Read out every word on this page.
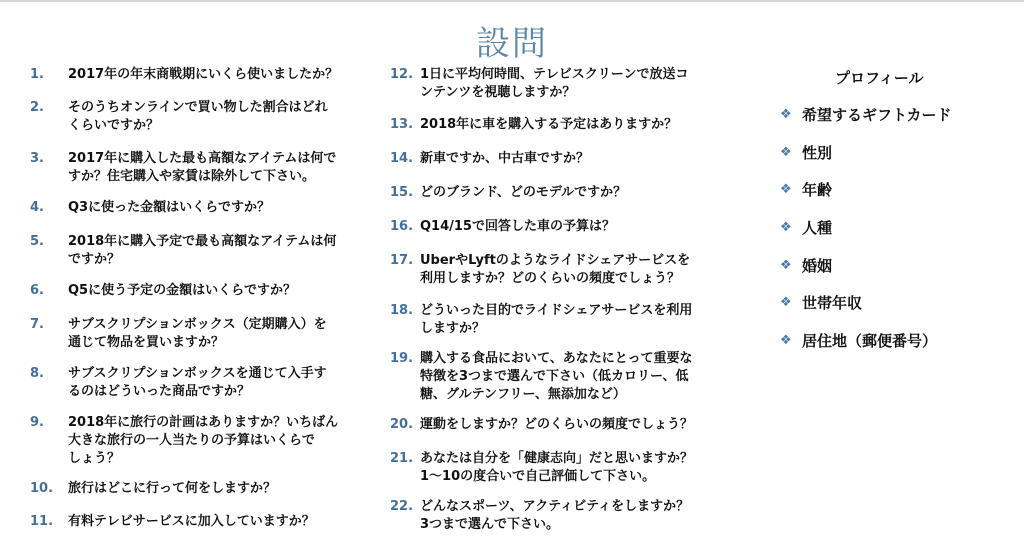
設問
1.	2017年の年末商戦期にいくら使いましたか？
2.	そのうちオンラインで買い物した割合はどれ
くらいですか？
3.	2017年に購入した最も高額なアイテムは何で
すか？住宅購入や家賃は除外して下さい。
4.	Q3に使った金額はいくらですか？
5.	2018年に購入予定で最も高額なアイテムは何
ですか？
6.	Q5に使う予定の金額はいくらですか？
7.	サブスクリプションボックス（定期購入）を
通じて物品を買いますか？
8.	サブスクリプションボックスを通じて入手す
るのはどういった商品ですか？
9.	2018年に旅行の計画はありますか？いちばん
大きな旅行の一人当たりの予算はいくらで
しょう？
10.	旅行はどこに行って何をしますか？
11.	有料テレビサービスに加入していますか？
12. 1日に平均何時間、テレビスクリーンで放送コ
ンテンツを視聴しますか？
13. 2018年に車を購入する予定はありますか？
14. 新車ですか、中古車ですか？
15. どのブランド、どのモデルですか？
16. Q14/15で回答した車の予算は？
17. UberやLyftのようなライドシェアサービスを
利用しますか？どのくらいの頻度でしょう？
18. どういった目的でライドシェアサービスを利用
しますか？
19. 購入する食品において、あなたにとって重要な
特徴を3つまで選んで下さい（低カロリー、低
糖、グルテンフリー、無添加など）
20. 運動をしますか？どのくらいの頻度でしょう？
21. あなたは自分を「健康志向」だと思いますか？
1〜10の度合いで自己評価して下さい。
22. どんなスポーツ、アクティビティをしますか？
3つまで選んで下さい。
プロフィール
❖ 希望するギフトカード
❖ 性別
❖ 年齢
❖ 人種
❖ 婚姻
❖ 世帯年収
❖ 居住地（郵便番号）
